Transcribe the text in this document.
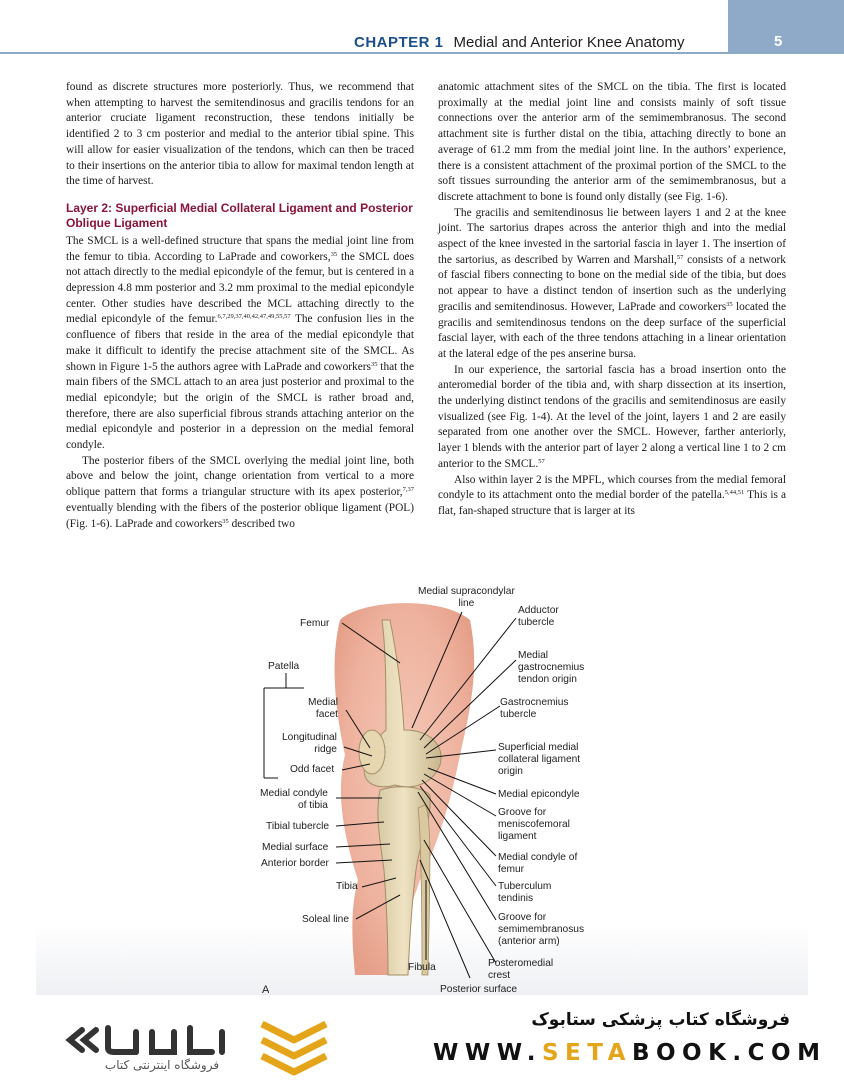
CHAPTER 1 Medial and Anterior Knee Anatomy	5

found as discrete structures more posteriorly. Thus, we recommend that when attempting to harvest the semitendinosus and gracilis tendons for an anterior cruciate ligament reconstruction, these tendons initially be identified 2 to 3 cm posterior and medial to the anterior tibial spine. This will allow for easier visualization of the tendons, which can then be traced to their insertions on the anterior tibia to allow for maximal tendon length at the time of harvest.

Layer 2: Superficial Medial Collateral Ligament and Posterior Oblique Ligament

The SMCL is a well-defined structure that spans the medial joint line from the femur to tibia. According to LaPrade and coworkers,$^{35}$ the SMCL does not attach directly to the medial epicondyle of the femur, but is centered in a depression 4.8 mm posterior and 3.2 mm proximal to the medial epicondyle center. Other studies have described the MCL attaching directly to the medial epicondyle of the femur.$^{6,7,29,37,40,42,47,49,55,57}$ The confusion lies in the confluence of fibers that reside in the area of the medial epicondyle that make it difficult to identify the precise attachment site of the SMCL. As shown in Figure 1-5 the authors agree with LaPrade and coworkers$^{35}$ that the main fibers of the SMCL attach to an area just posterior and proximal to the medial epicondyle; but the origin of the SMCL is rather broad and, therefore, there are also superficial fibrous strands attaching anterior on the medial epicondyle and posterior in a depression on the medial femoral condyle.

The posterior fibers of the SMCL overlying the medial joint line, both above and below the joint, change orientation from vertical to a more oblique pattern that forms a triangular structure with its apex posterior,$^{7,37}$ eventually blending with the fibers of the posterior oblique ligament (POL) (Fig. 1-6). LaPrade and coworkers$^{35}$ described two

anatomic attachment sites of the SMCL on the tibia. The first is located proximally at the medial joint line and consists mainly of soft tissue connections over the anterior arm of the semimembranosus. The second attachment site is further distal on the tibia, attaching directly to bone an average of 61.2 mm from the medial joint line. In the authors’ experience, there is a consistent attachment of the proximal portion of the SMCL to the soft tissues surrounding the anterior arm of the semimembranosus, but a discrete attachment to bone is found only distally (see Fig. 1-6).

The gracilis and semitendinosus lie between layers 1 and 2 at the knee joint. The sartorius drapes across the anterior thigh and into the medial aspect of the knee invested in the sartorial fascia in layer 1. The insertion of the sartorius, as described by Warren and Marshall,$^{57}$ consists of a network of fascial fibers connecting to bone on the medial side of the tibia, but does not appear to have a distinct tendon of insertion such as the underlying gracilis and semitendinosus. However, LaPrade and coworkers$^{35}$ located the gracilis and semitendinosus tendons on the deep surface of the superficial fascial layer, with each of the three tendons attaching in a linear orientation at the lateral edge of the pes anserine bursa.

In our experience, the sartorial fascia has a broad insertion onto the anteromedial border of the tibia and, with sharp dissection at its insertion, the underlying distinct tendons of the gracilis and semitendinosus are easily visualized (see Fig. 1-4). At the level of the joint, layers 1 and 2 are easily separated from one another over the SMCL. However, farther anteriorly, layer 1 blends with the anterior part of layer 2 along a vertical line 1 to 2 cm anterior to the SMCL.$^{57}$

Also within layer 2 is the MPFL, which courses from the medial femoral condyle to its attachment onto the medial border of the patella.$^{5,44,51}$ This is a flat, fan-shaped structure that is larger at its

Femur
Patella
Medial
facet
Longitudinal
ridge
Odd facet
Medial condyle
of tibia
Tibial tubercle
Medial surface
Anterior border
Tibia
Soleal line
Medial supracondylar
line
Adductor
tubercle
Medial
gastrocnemius
tendon origin
Gastrocnemius
tubercle
Superficial medial
collateral ligament
origin
Medial epicondyle
Groove for
meniscofemoral
ligament
Medial condyle of
femur
Tuberculum
tendinis
Groove for
semimembranosus
(anterior arm)
Posteromedial
crest
Posterior surface
Fibula
A
فروشگاه اینترنتی کتاب
فروشگاه کتاب پزشکی ستابوک
WWW.SETABOOK.COM
